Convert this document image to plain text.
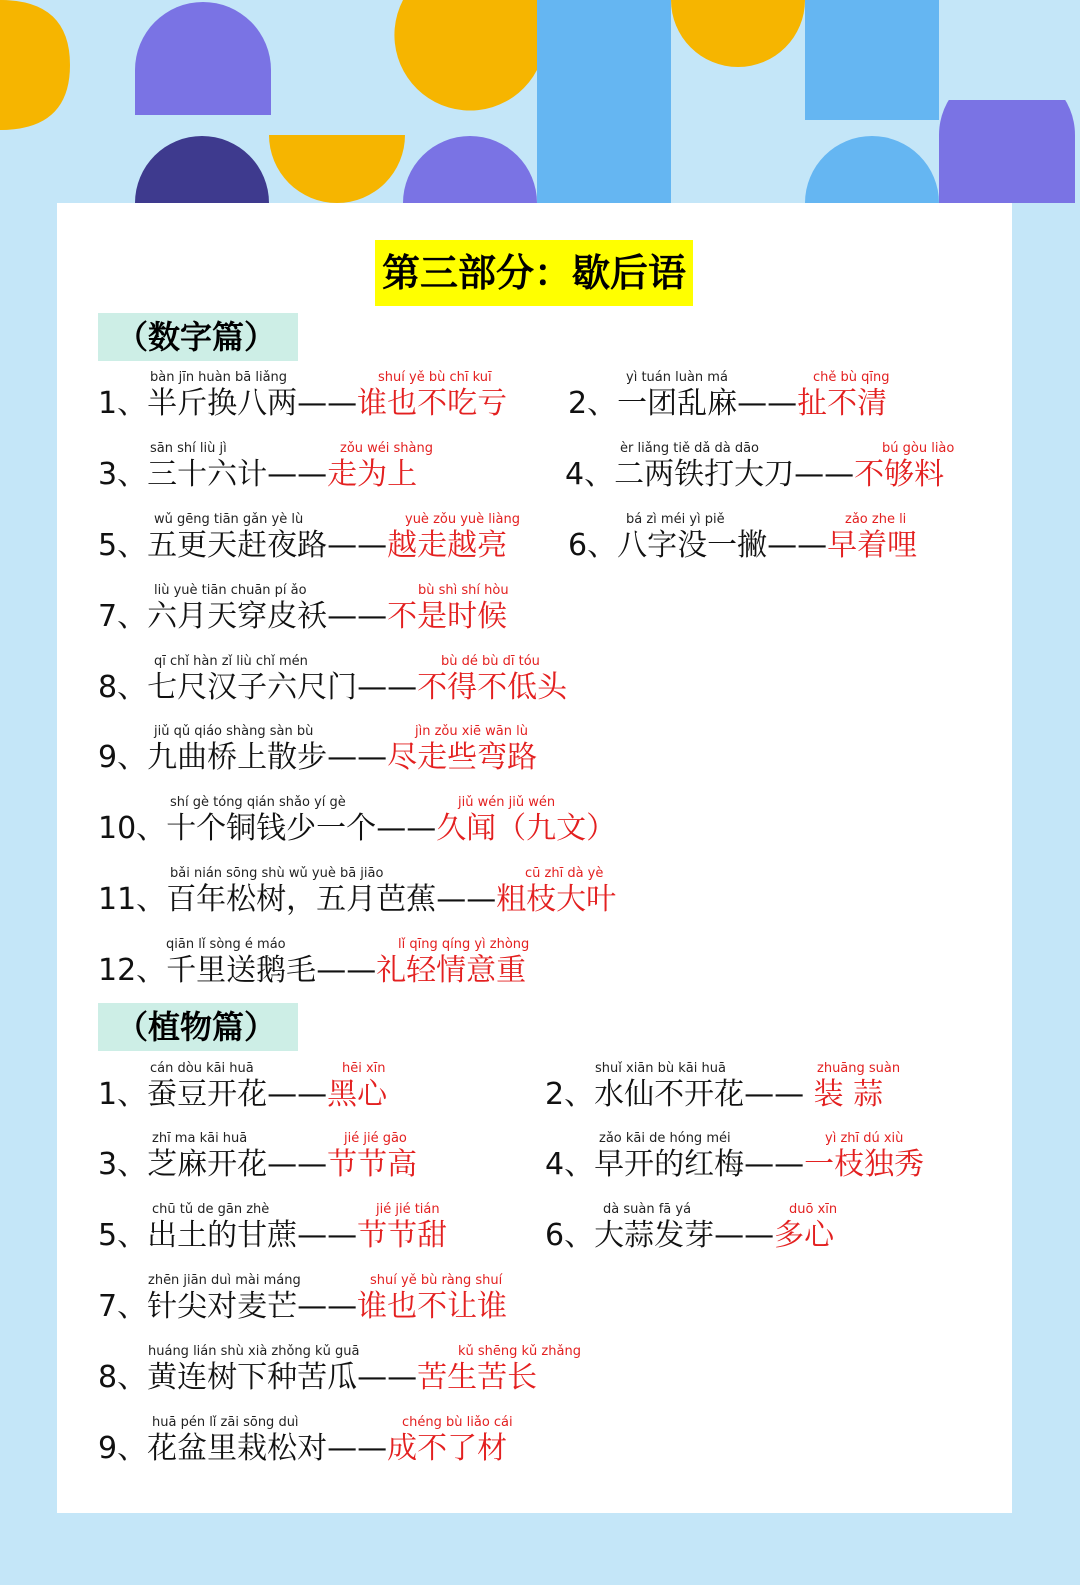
第三部分：歇后语
（数字篇）
（植物篇）
bàn jīn huàn bā liǎng	shuí yě bù chī kuī
1、半斤换八两——谁也不吃亏
yì tuán luàn má	chě bù qīng
2、一团乱麻——扯不清
sān shí liù jì	zǒu wéi shàng
3、三十六计——走为上
èr liǎng tiě dǎ dà dāo	bú gòu liào
4、二两铁打大刀——不够料
wǔ gēng tiān gǎn yè lù	yuè zǒu yuè liàng
5、五更天赶夜路——越走越亮
bá zì méi yì piě	zǎo zhe li
6、八字没一撇——早着哩
liù yuè tiān chuān pí ǎo	bù shì shí hòu
7、六月天穿皮袄——不是时候
qī chǐ hàn zǐ liù chǐ mén	bù dé bù dī tóu
8、七尺汉子六尺门——不得不低头
jiǔ qǔ qiáo shàng sàn bù	jìn zǒu xiē wān lù
9、九曲桥上散步——尽走些弯路
shí gè tóng qián shǎo yí gè	jiǔ wén jiǔ wén
10、十个铜钱少一个——久闻（九文）
bǎi nián sōng shù wǔ yuè bā jiāo	cū zhī dà yè
11、百年松树，五月芭蕉——粗枝大叶
qiān lǐ sòng é máo	lǐ qīng qíng yì zhòng
12、千里送鹅毛——礼轻情意重
cán dòu kāi huā	hēi xīn
1、蚕豆开花——黑心
shuǐ xiān bù kāi huā	zhuāng suàn
2、水仙不开花—— 装 蒜
zhī ma kāi huā	jié jié gāo
3、芝麻开花——节节高
zǎo kāi de hóng méi	yì zhī dú xiù
4、早开的红梅——一枝独秀
chū tǔ de gān zhè	jié jié tián
5、出土的甘蔗——节节甜
dà suàn fā yá	duō xīn
6、大蒜发芽——多心
zhēn jiān duì mài máng	shuí yě bù ràng shuí
7、针尖对麦芒——谁也不让谁
huáng lián shù xià zhǒng kǔ guā	kǔ shēng kǔ zhǎng
8、黄连树下种苦瓜——苦生苦长
huā pén lǐ zāi sōng duì	chéng bù liǎo cái
9、花盆里栽松对——成不了材
